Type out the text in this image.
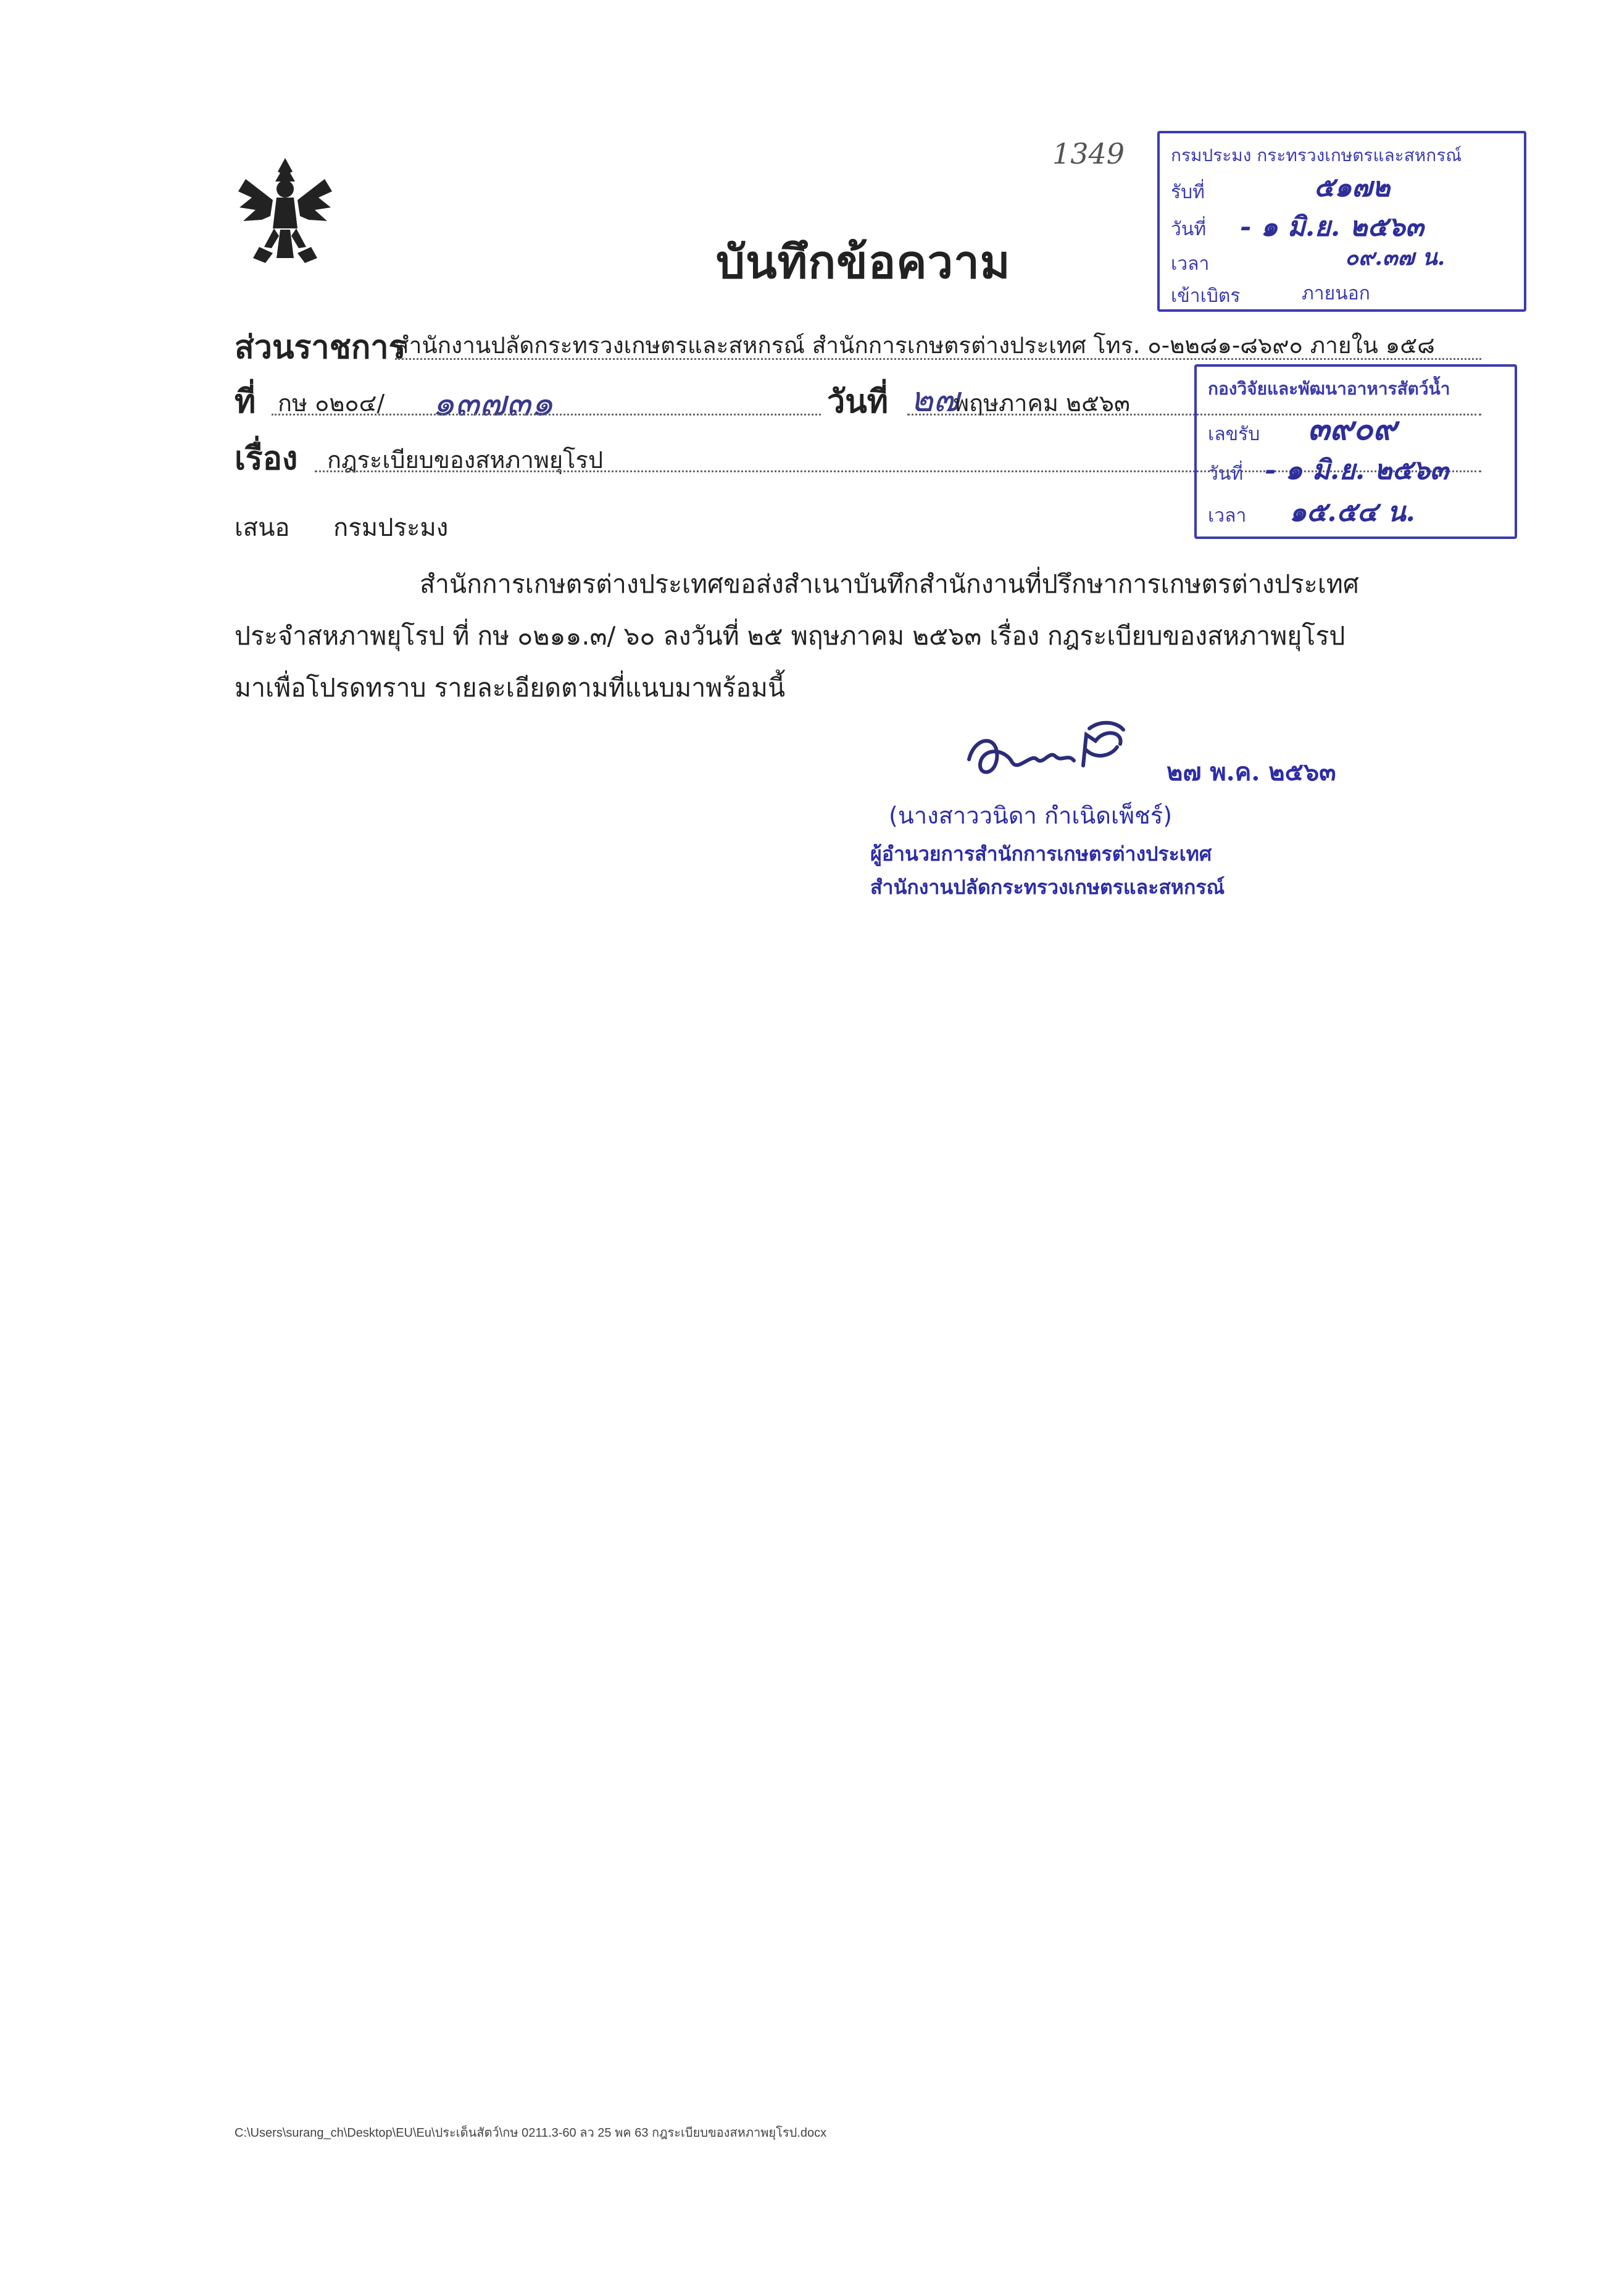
บันทึกข้อความ
ส่วนราชการ
สำนักงานปลัดกระทรวงเกษตรและสหกรณ์ สำนักการเกษตรต่างประเทศ โทร. ๐-๒๒๘๑-๘๖๙๐ ภายใน ๑๕๘
ที่ กษ ๐๒๐๔/ ๑๓๗๓๑	วันที่ ๒๗
พฤษภาคม ๒๕๖๓
เรื่อง กฎระเบียบของสหภาพยุโรป
เสนอ กรมประมง
สำนักการเกษตรต่างประเทศขอส่งสำเนาบันทึกสำนักงานที่ปรึกษาการเกษตรต่างประเทศ
ประจำสหภาพยุโรป ที่ กษ ๐๒๑๑.๓/ ๖๐ ลงวันที่ ๒๕ พฤษภาคม ๒๕๖๓ เรื่อง กฎระเบียบของสหภาพยุโรป
มาเพื่อโปรดทราบ รายละเอียดตามที่แนบมาพร้อมนี้
๒๗ พ.ค. ๒๕๖๓
(นางสาววนิดา กำเนิดเพ็ชร์)
ผู้อำนวยการสำนักการเกษตรต่างประเทศ
สำนักงานปลัดกระทรวงเกษตรและสหกรณ์
1349	กรมประมง กระทรวงเกษตรและสหกรณ์
รับที่	๕๑๗๒
วันที่ - ๑ มิ.ย. ๒๕๖๓
เวลา	๐๙.๓๗ น.
เข้าเบิตร	ภายนอก
กองวิจัยและพัฒนาอาหารสัตว์น้ำ
เลขรับ ๓๙๐๙
วันที่ - ๑ มิ.ย. ๒๕๖๓
เวลา ๑๕.๕๔ น.
C:\Users\surang_ch\Desktop\EU\Eu\ประเด็นสัตว์\กษ 0211.3-60 ลว 25 พค 63 กฎระเบียบของสหภาพยุโรป.docx
